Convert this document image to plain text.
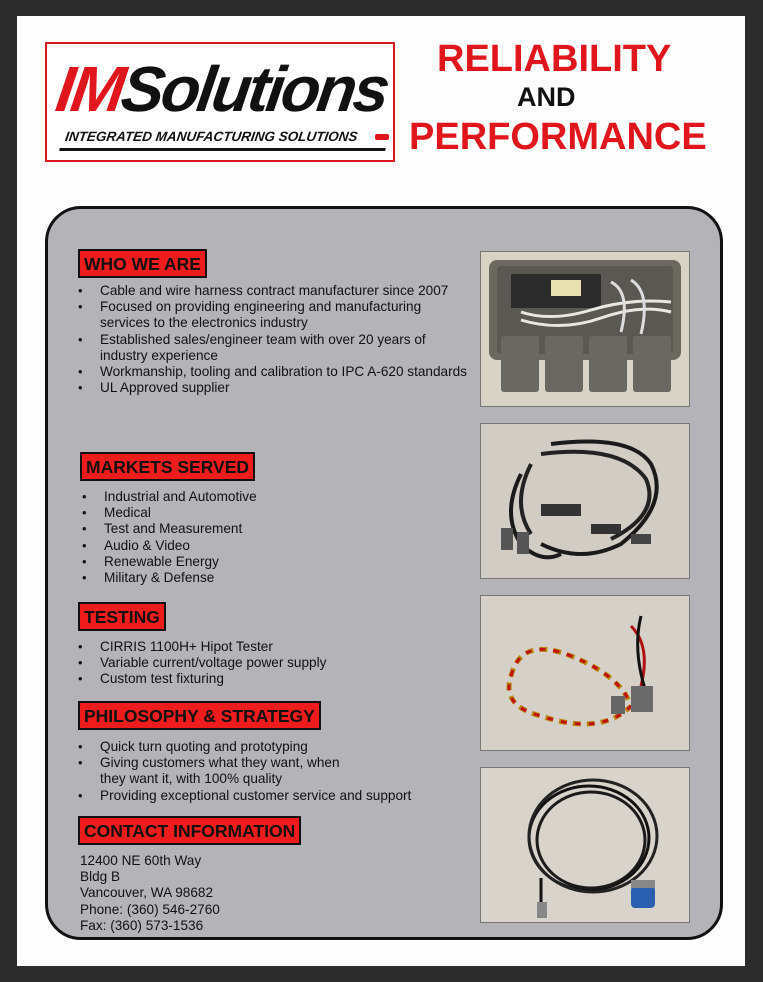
IMSolutions
INTEGRATED MANUFACTURING SOLUTIONS
RELIABILITY
AND
PERFORMANCE
WHO WE ARE
• Cable and wire harness contract manufacturer since 2007
• Focused on providing engineering and manufacturing services to the electronics industry
• Established sales/engineer team with over 20 years of industry experience
• Workmanship, tooling and calibration to IPC A-620 standards
• UL Approved supplier
MARKETS SERVED
• Industrial and Automotive
• Medical
• Test and Measurement
• Audio & Video
• Renewable Energy
• Military & Defense
TESTING
• CIRRIS 1100H+ Hipot Tester
• Variable current/voltage power supply
• Custom test fixturing
PHILOSOPHY & STRATEGY
• Quick turn quoting and prototyping
• Giving customers what they want, when they want it, with 100% quality
• Providing exceptional customer service and support
CONTACT INFORMATION
12400 NE 60th Way
Bldg B
Vancouver, WA 98682
Phone: (360) 546-2760
Fax: (360) 573-1536
